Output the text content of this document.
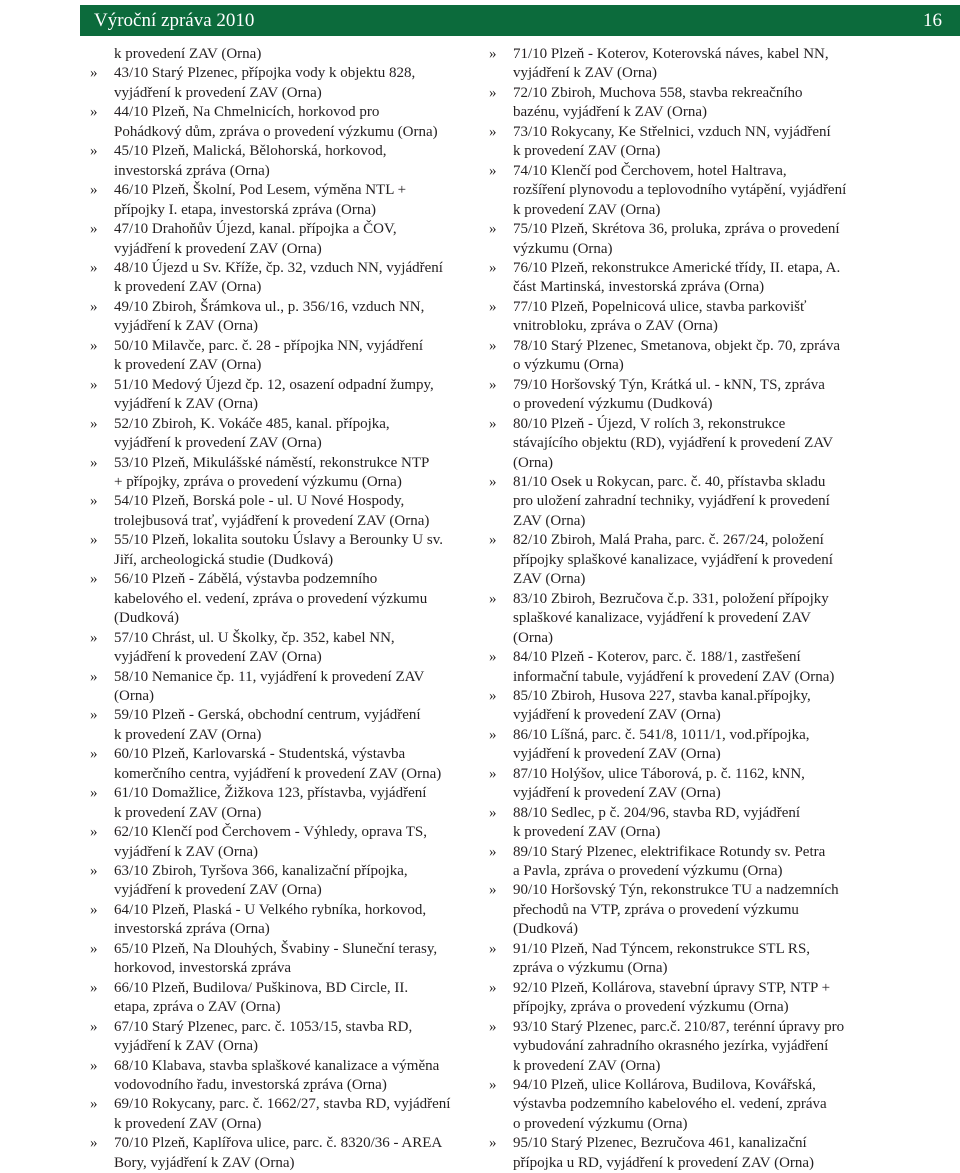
Výroční zpráva 2010	16
k provedení ZAV (Orna)
» 43/10 Starý Plzenec, přípojka vody k objektu 828,
vyjádření k provedení ZAV (Orna)
» 44/10 Plzeň, Na Chmelnicích, horkovod pro
Pohádkový dům, zpráva o provedení výzkumu (Orna)
» 45/10 Plzeň, Malická, Bělohorská, horkovod,
investorská zpráva (Orna)
» 46/10 Plzeň, Školní, Pod Lesem, výměna NTL +
přípojky I. etapa, investorská zpráva (Orna)
» 47/10 Drahoňův Újezd, kanal. přípojka a ČOV,
vyjádření k provedení ZAV (Orna)
» 48/10 Újezd u Sv. Kříže, čp. 32, vzduch NN, vyjádření
k provedení ZAV (Orna)
» 49/10 Zbiroh, Šrámkova ul., p. 356/16, vzduch NN,
vyjádření k ZAV (Orna)
» 50/10 Milavče, parc. č. 28 - přípojka NN, vyjádření
k provedení ZAV (Orna)
» 51/10 Medový Újezd čp. 12, osazení odpadní žumpy,
vyjádření k ZAV (Orna)
» 52/10 Zbiroh, K. Vokáče 485, kanal. přípojka,
vyjádření k provedení ZAV (Orna)
» 53/10 Plzeň, Mikulášské náměstí, rekonstrukce NTP
+ přípojky, zpráva o provedení výzkumu (Orna)
» 54/10 Plzeň, Borská pole - ul. U Nové Hospody,
trolejbusová trať, vyjádření k provedení ZAV (Orna)
» 55/10 Plzeň, lokalita soutoku Úslavy a Berounky U sv.
Jiří, archeologická studie (Dudková)
» 56/10 Plzeň - Zábělá, výstavba podzemního
kabelového el. vedení, zpráva o provedení výzkumu
(Dudková)
» 57/10 Chrást, ul. U Školky, čp. 352, kabel NN,
vyjádření k provedení ZAV (Orna)
» 58/10 Nemanice čp. 11, vyjádření k provedení ZAV
(Orna)
» 59/10 Plzeň - Gerská, obchodní centrum, vyjádření
k provedení ZAV (Orna)
» 60/10 Plzeň, Karlovarská - Studentská, výstavba
komerčního centra, vyjádření k provedení ZAV (Orna)
» 61/10 Domažlice, Žižkova 123, přístavba, vyjádření
k provedení ZAV (Orna)
» 62/10 Klenčí pod Čerchovem - Výhledy, oprava TS,
vyjádření k ZAV (Orna)
» 63/10 Zbiroh, Tyršova 366, kanalizační přípojka,
vyjádření k provedení ZAV (Orna)
» 64/10 Plzeň, Plaská - U Velkého rybníka, horkovod,
investorská zpráva (Orna)
» 65/10 Plzeň, Na Dlouhých, Švabiny - Sluneční terasy,
horkovod, investorská zpráva
» 66/10 Plzeň, Budilova/ Puškinova, BD Circle, II.
etapa, zpráva o ZAV (Orna)
» 67/10 Starý Plzenec, parc. č. 1053/15, stavba RD,
vyjádření k ZAV (Orna)
» 68/10 Klabava, stavba splaškové kanalizace a výměna
vodovodního řadu, investorská zpráva (Orna)
» 69/10 Rokycany, parc. č. 1662/27, stavba RD, vyjádření
k provedení ZAV (Orna)
» 70/10 Plzeň, Kaplířova ulice, parc. č. 8320/36 - AREA
Bory, vyjádření k ZAV (Orna)
» 71/10 Plzeň - Koterov, Koterovská náves, kabel NN,
vyjádření k ZAV (Orna)
» 72/10 Zbiroh, Muchova 558, stavba rekreačního
bazénu, vyjádření k ZAV (Orna)
» 73/10 Rokycany, Ke Střelnici, vzduch NN, vyjádření
k provedení ZAV (Orna)
» 74/10 Klenčí pod Čerchovem, hotel Haltrava,
rozšíření plynovodu a teplovodního vytápění, vyjádření
k provedení ZAV (Orna)
» 75/10 Plzeň, Skrétova 36, proluka, zpráva o provedení
výzkumu (Orna)
» 76/10 Plzeň, rekonstrukce Americké třídy, II. etapa, A.
část Martinská, investorská zpráva (Orna)
» 77/10 Plzeň, Popelnicová ulice, stavba parkovišť
vnitrobloku, zpráva o ZAV (Orna)
» 78/10 Starý Plzenec, Smetanova, objekt čp. 70, zpráva
o výzkumu (Orna)
» 79/10 Horšovský Týn, Krátká ul. - kNN, TS, zpráva
o provedení výzkumu (Dudková)
» 80/10 Plzeň - Újezd, V rolích 3, rekonstrukce
stávajícího objektu (RD), vyjádření k provedení ZAV
(Orna)
» 81/10 Osek u Rokycan, parc. č. 40, přístavba skladu
pro uložení zahradní techniky, vyjádření k provedení
ZAV (Orna)
» 82/10 Zbiroh, Malá Praha, parc. č. 267/24, položení
přípojky splaškové kanalizace, vyjádření k provedení
ZAV (Orna)
» 83/10 Zbiroh, Bezručova č.p. 331, položení přípojky
splaškové kanalizace, vyjádření k provedení ZAV
(Orna)
» 84/10 Plzeň - Koterov, parc. č. 188/1, zastřešení
informační tabule, vyjádření k provedení ZAV (Orna)
» 85/10 Zbiroh, Husova 227, stavba kanal.přípojky,
vyjádření k provedení ZAV (Orna)
» 86/10 Líšná, parc. č. 541/8, 1011/1, vod.přípojka,
vyjádření k provedení ZAV (Orna)
» 87/10 Holýšov, ulice Táborová, p. č. 1162, kNN,
vyjádření k provedení ZAV (Orna)
» 88/10 Sedlec, p č. 204/96, stavba RD, vyjádření
k provedení ZAV (Orna)
» 89/10 Starý Plzenec, elektrifikace Rotundy sv. Petra
a Pavla, zpráva o provedení výzkumu (Orna)
» 90/10 Horšovský Týn, rekonstrukce TU a nadzemních
přechodů na VTP, zpráva o provedení výzkumu
(Dudková)
» 91/10 Plzeň, Nad Týncem, rekonstrukce STL RS,
zpráva o výzkumu (Orna)
» 92/10 Plzeň, Kollárova, stavební úpravy STP, NTP +
přípojky, zpráva o provedení výzkumu (Orna)
» 93/10 Starý Plzenec, parc.č. 210/87, terénní úpravy pro
vybudování zahradního okrasného jezírka, vyjádření
k provedení ZAV (Orna)
» 94/10 Plzeň, ulice Kollárova, Budilova, Kovářská,
výstavba podzemního kabelového el. vedení, zpráva
o provedení výzkumu (Orna)
» 95/10 Starý Plzenec, Bezručova 461, kanalizační
přípojka u RD, vyjádření k provedení ZAV (Orna)
